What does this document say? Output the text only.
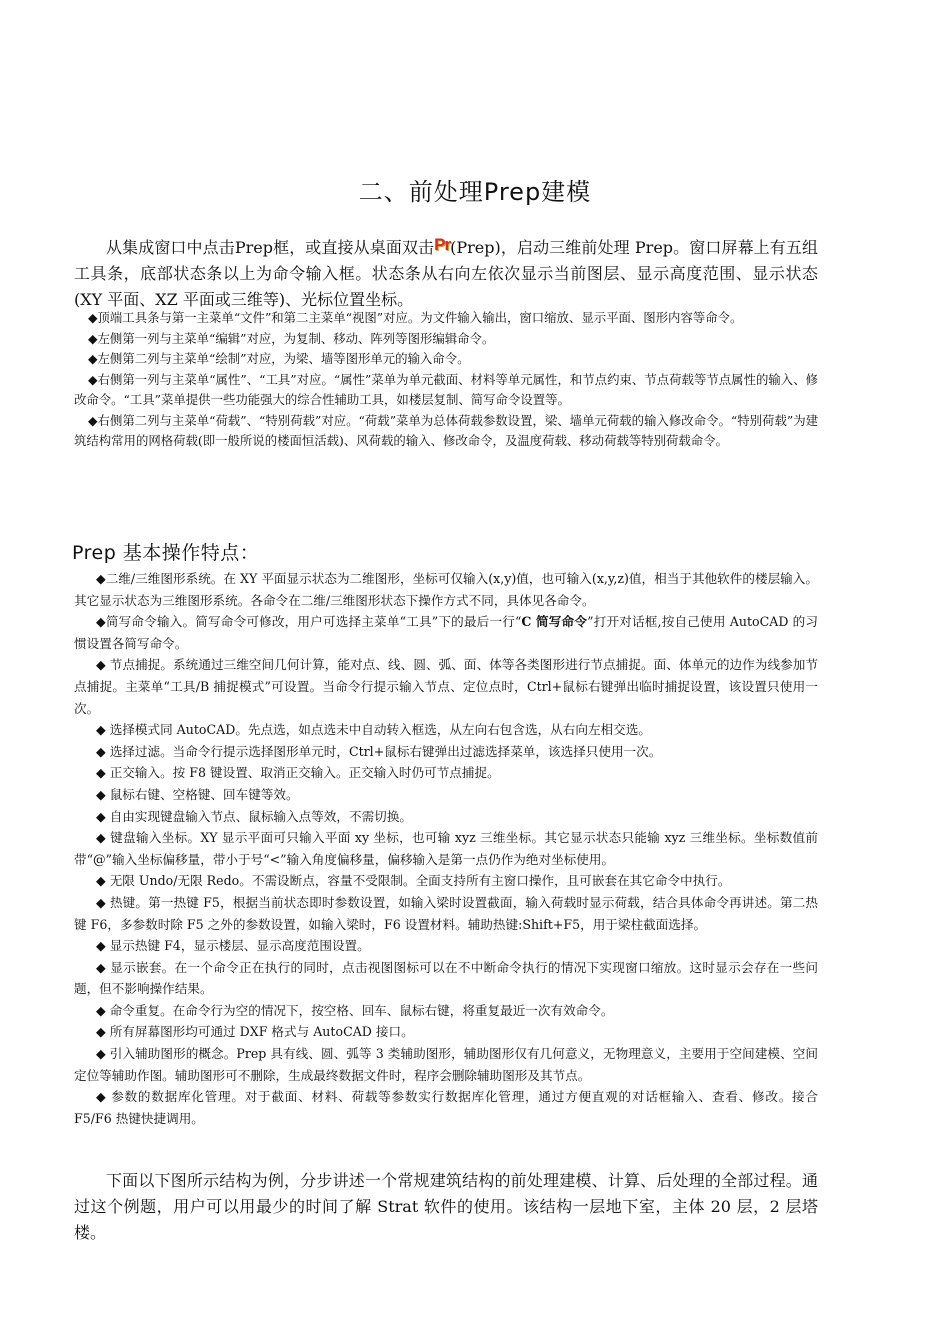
二、前处理Prep建模

从集成窗口中点击Prep框，或直接从桌面双击Pr(Prep)，启动三维前处理 Prep。窗口屏幕上有五组工具条，底部状态条以上为命令输入框。状态条从右向左依次显示当前图层、显示高度范围、显示状态(XY 平面、XZ 平面或三维等)、光标位置坐标。

◆顶端工具条与第一主菜单“文件”和第二主菜单“视图”对应。为文件输入输出，窗口缩放、显示平面、图形内容等命令。

◆左侧第一列与主菜单“编辑”对应，为复制、移动、阵列等图形编辑命令。

◆左侧第二列与主菜单“绘制”对应，为梁、墙等图形单元的输入命令。

◆右侧第一列与主菜单“属性”、“工具”对应。“属性”菜单为单元截面、材料等单元属性，和节点约束、节点荷载等节点属性的输入、修改命令。“工具”菜单提供一些功能强大的综合性辅助工具，如楼层复制、简写命令设置等。

◆右侧第二列与主菜单“荷载”、“特别荷载”对应。“荷载”菜单为总体荷载参数设置，梁、墙单元荷载的输入修改命令。“特别荷载”为建筑结构常用的网格荷载(即一般所说的楼面恒活载)、风荷载的输入、修改命令，及温度荷载、移动荷载等特别荷载命令。

Prep 基本操作特点：

◆二维/三维图形系统。在 XY 平面显示状态为二维图形，坐标可仅输入(x,y)值，也可输入(x,y,z)值，相当于其他软件的楼层输入。其它显示状态为三维图形系统。各命令在二维/三维图形状态下操作方式不同，具体见各命令。

◆简写命令输入。简写命令可修改，用户可选择主菜单“工具”下的最后一行“C 简写命令”打开对话框,按自己使用 AutoCAD 的习惯设置各简写命令。

◆ 节点捕捉。系统通过三维空间几何计算，能对点、线、圆、弧、面、体等各类图形进行节点捕捉。面、体单元的边作为线参加节点捕捉。主菜单“工具/B 捕捉模式”可设置。当命令行提示输入节点、定位点时，Ctrl+鼠标右键弹出临时捕捉设置，该设置只使用一次。

◆ 选择模式同 AutoCAD。先点选，如点选未中自动转入框选，从左向右包含选，从右向左相交选。

◆ 选择过滤。当命令行提示选择图形单元时，Ctrl+鼠标右键弹出过滤选择菜单，该选择只使用一次。

◆ 正交输入。按 F8 键设置、取消正交输入。正交输入时仍可节点捕捉。

◆ 鼠标右键、空格键、回车键等效。

◆ 自由实现键盘输入节点、鼠标输入点等效，不需切换。

◆ 键盘输入坐标。XY 显示平面可只输入平面 xy 坐标，也可输 xyz 三维坐标。其它显示状态只能输 xyz 三维坐标。坐标数值前带“@”输入坐标偏移量，带小于号“<”输入角度偏移量，偏移输入是第一点仍作为绝对坐标使用。

◆ 无限 Undo/无限 Redo。不需设断点，容量不受限制。全面支持所有主窗口操作，且可嵌套在其它命令中执行。

◆ 热键。第一热键 F5，根据当前状态即时参数设置，如输入梁时设置截面，输入荷载时显示荷载，结合具体命令再讲述。第二热键 F6，多参数时除 F5 之外的参数设置，如输入梁时，F6 设置材料。辅助热键:Shift+F5，用于梁柱截面选择。

◆ 显示热键 F4，显示楼层、显示高度范围设置。

◆ 显示嵌套。在一个命令正在执行的同时，点击视图图标可以在不中断命令执行的情况下实现窗口缩放。这时显示会存在一些问题，但不影响操作结果。

◆ 命令重复。在命令行为空的情况下，按空格、回车、鼠标右键，将重复最近一次有效命令。

◆ 所有屏幕图形均可通过 DXF 格式与 AutoCAD 接口。

◆ 引入辅助图形的概念。Prep 具有线、圆、弧等 3 类辅助图形，辅助图形仅有几何意义，无物理意义，主要用于空间建模、空间定位等辅助作图。辅助图形可不删除，生成最终数据文件时，程序会删除辅助图形及其节点。

◆ 参数的数据库化管理。对于截面、材料、荷载等参数实行数据库化管理，通过方便直观的对话框输入、查看、修改。接合 F5/F6 热键快捷调用。

下面以下图所示结构为例，分步讲述一个常规建筑结构的前处理建模、计算、后处理的全部过程。通过这个例题，用户可以用最少的时间了解 Strat 软件的使用。该结构一层地下室，主体 20 层，2 层塔楼。
